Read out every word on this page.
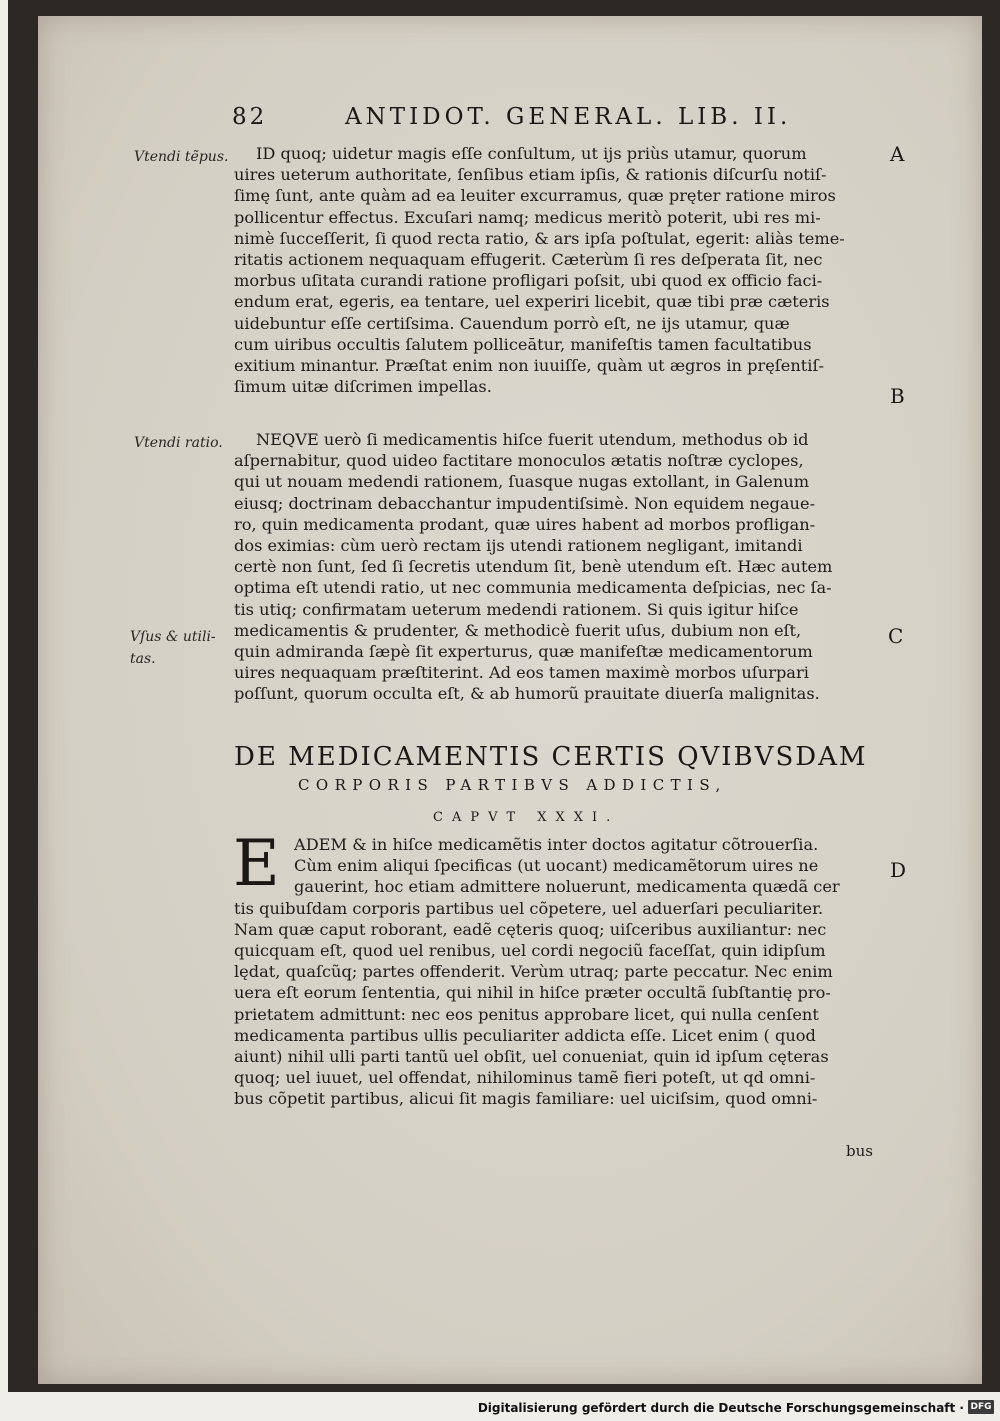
82	ANTIDOT. GENERAL. LIB. II.
Vtendi tẽpus.
Vtendi ratio.
Vſus & utili-
tas.
A
B
C
D
ID quoq; uidetur magis eſſe conſultum, ut ijs priùs utamur, quorum
uires ueterum authoritate, ſenſibus etiam ipſis, & rationis diſcurſu notiſ-
ſimę ſunt, ante quàm ad ea leuiter excurramus, quæ pręter ratione miros
pollicentur effectus. Excuſari namq; medicus meritò poterit, ubi res mi-
nimè ſucceſſerit, ſi quod recta ratio, & ars ipſa poſtulat, egerit: aliàs teme-
ritatis actionem nequaquam effugerit. Cæterùm ſi res deſperata ſit, nec
morbus uſitata curandi ratione profligari poſsit, ubi quod ex officio faci-
endum erat, egeris, ea tentare, uel experiri licebit, quæ tibi præ cæteris
uidebuntur eſſe certiſsima. Cauendum porrò eſt, ne ijs utamur, quæ
cum uiribus occultis ſalutem polliceātur, manifeſtis tamen facultatibus
exitium minantur. Præſtat enim non iuuiſſe, quàm ut ægros in pręſentiſ-
ſimum uitæ diſcrimen impellas.
NEQVE uerò ſi medicamentis hiſce fuerit utendum, methodus ob id
aſpernabitur, quod uideo factitare monoculos ætatis noſtræ cyclopes,
qui ut nouam medendi rationem, ſuasque nugas extollant, in Galenum
eiusq; doctrinam debacchantur impudentiſsimè. Non equidem negaue-
ro, quin medicamenta prodant, quæ uires habent ad morbos profligan-
dos eximias: cùm uerò rectam ijs utendi rationem negligant, imitandi
certè non ſunt, ſed ſi ſecretis utendum ſit, benè utendum eſt. Hæc autem
optima eſt utendi ratio, ut nec communia medicamenta deſpicias, nec ſa-
tis utiq; confirmatam ueterum medendi rationem. Si quis igitur hiſce
medicamentis & prudenter, & methodicè fuerit uſus, dubium non eſt,
quin admiranda ſæpè ſit experturus, quæ manifeſtæ medicamentorum
uires nequaquam præſtiterint. Ad eos tamen maximè morbos uſurpari
poſſunt, quorum occulta eſt, & ab humorũ prauitate diuerſa malignitas.
DE MEDICAMENTIS CERTIS QVIBVSDAM
CORPORIS PARTIBVS ADDICTIS,
CAPVT XXXI.
E ADEM & in hiſce medicamẽtis inter doctos agitatur cõtrouerſia.
Cùm enim aliqui ſpecificas (ut uocant) medicamẽtorum uires ne
gauerint, hoc etiam admittere noluerunt, medicamenta quædã cer
tis quibuſdam corporis partibus uel cõpetere, uel aduerſari peculiariter.
Nam quæ caput roborant, eadẽ cęteris quoq; uiſceribus auxiliantur: nec
quicquam eſt, quod uel renibus, uel cordi negociũ faceſſat, quin idipſum
lędat, quaſcũq; partes offenderit. Verùm utraq; parte peccatur. Nec enim
uera eſt eorum ſententia, qui nihil in hiſce præter occultã ſubſtantię pro-
prietatem admittunt: nec eos penitus approbare licet, qui nulla cenſent
medicamenta partibus ullis peculiariter addicta eſſe. Licet enim ( quod
aiunt) nihil ulli parti tantũ uel obſit, uel conueniat, quin id ipſum cęteras
quoq; uel iuuet, uel offendat, nihilominus tamẽ fieri poteſt, ut qd omni-
bus cõpetit partibus, alicui ſit magis familiare: uel uiciſsim, quod omni-
bus
Digitalisierung gefördert durch die Deutsche Forschungsgemeinschaft · DFG
